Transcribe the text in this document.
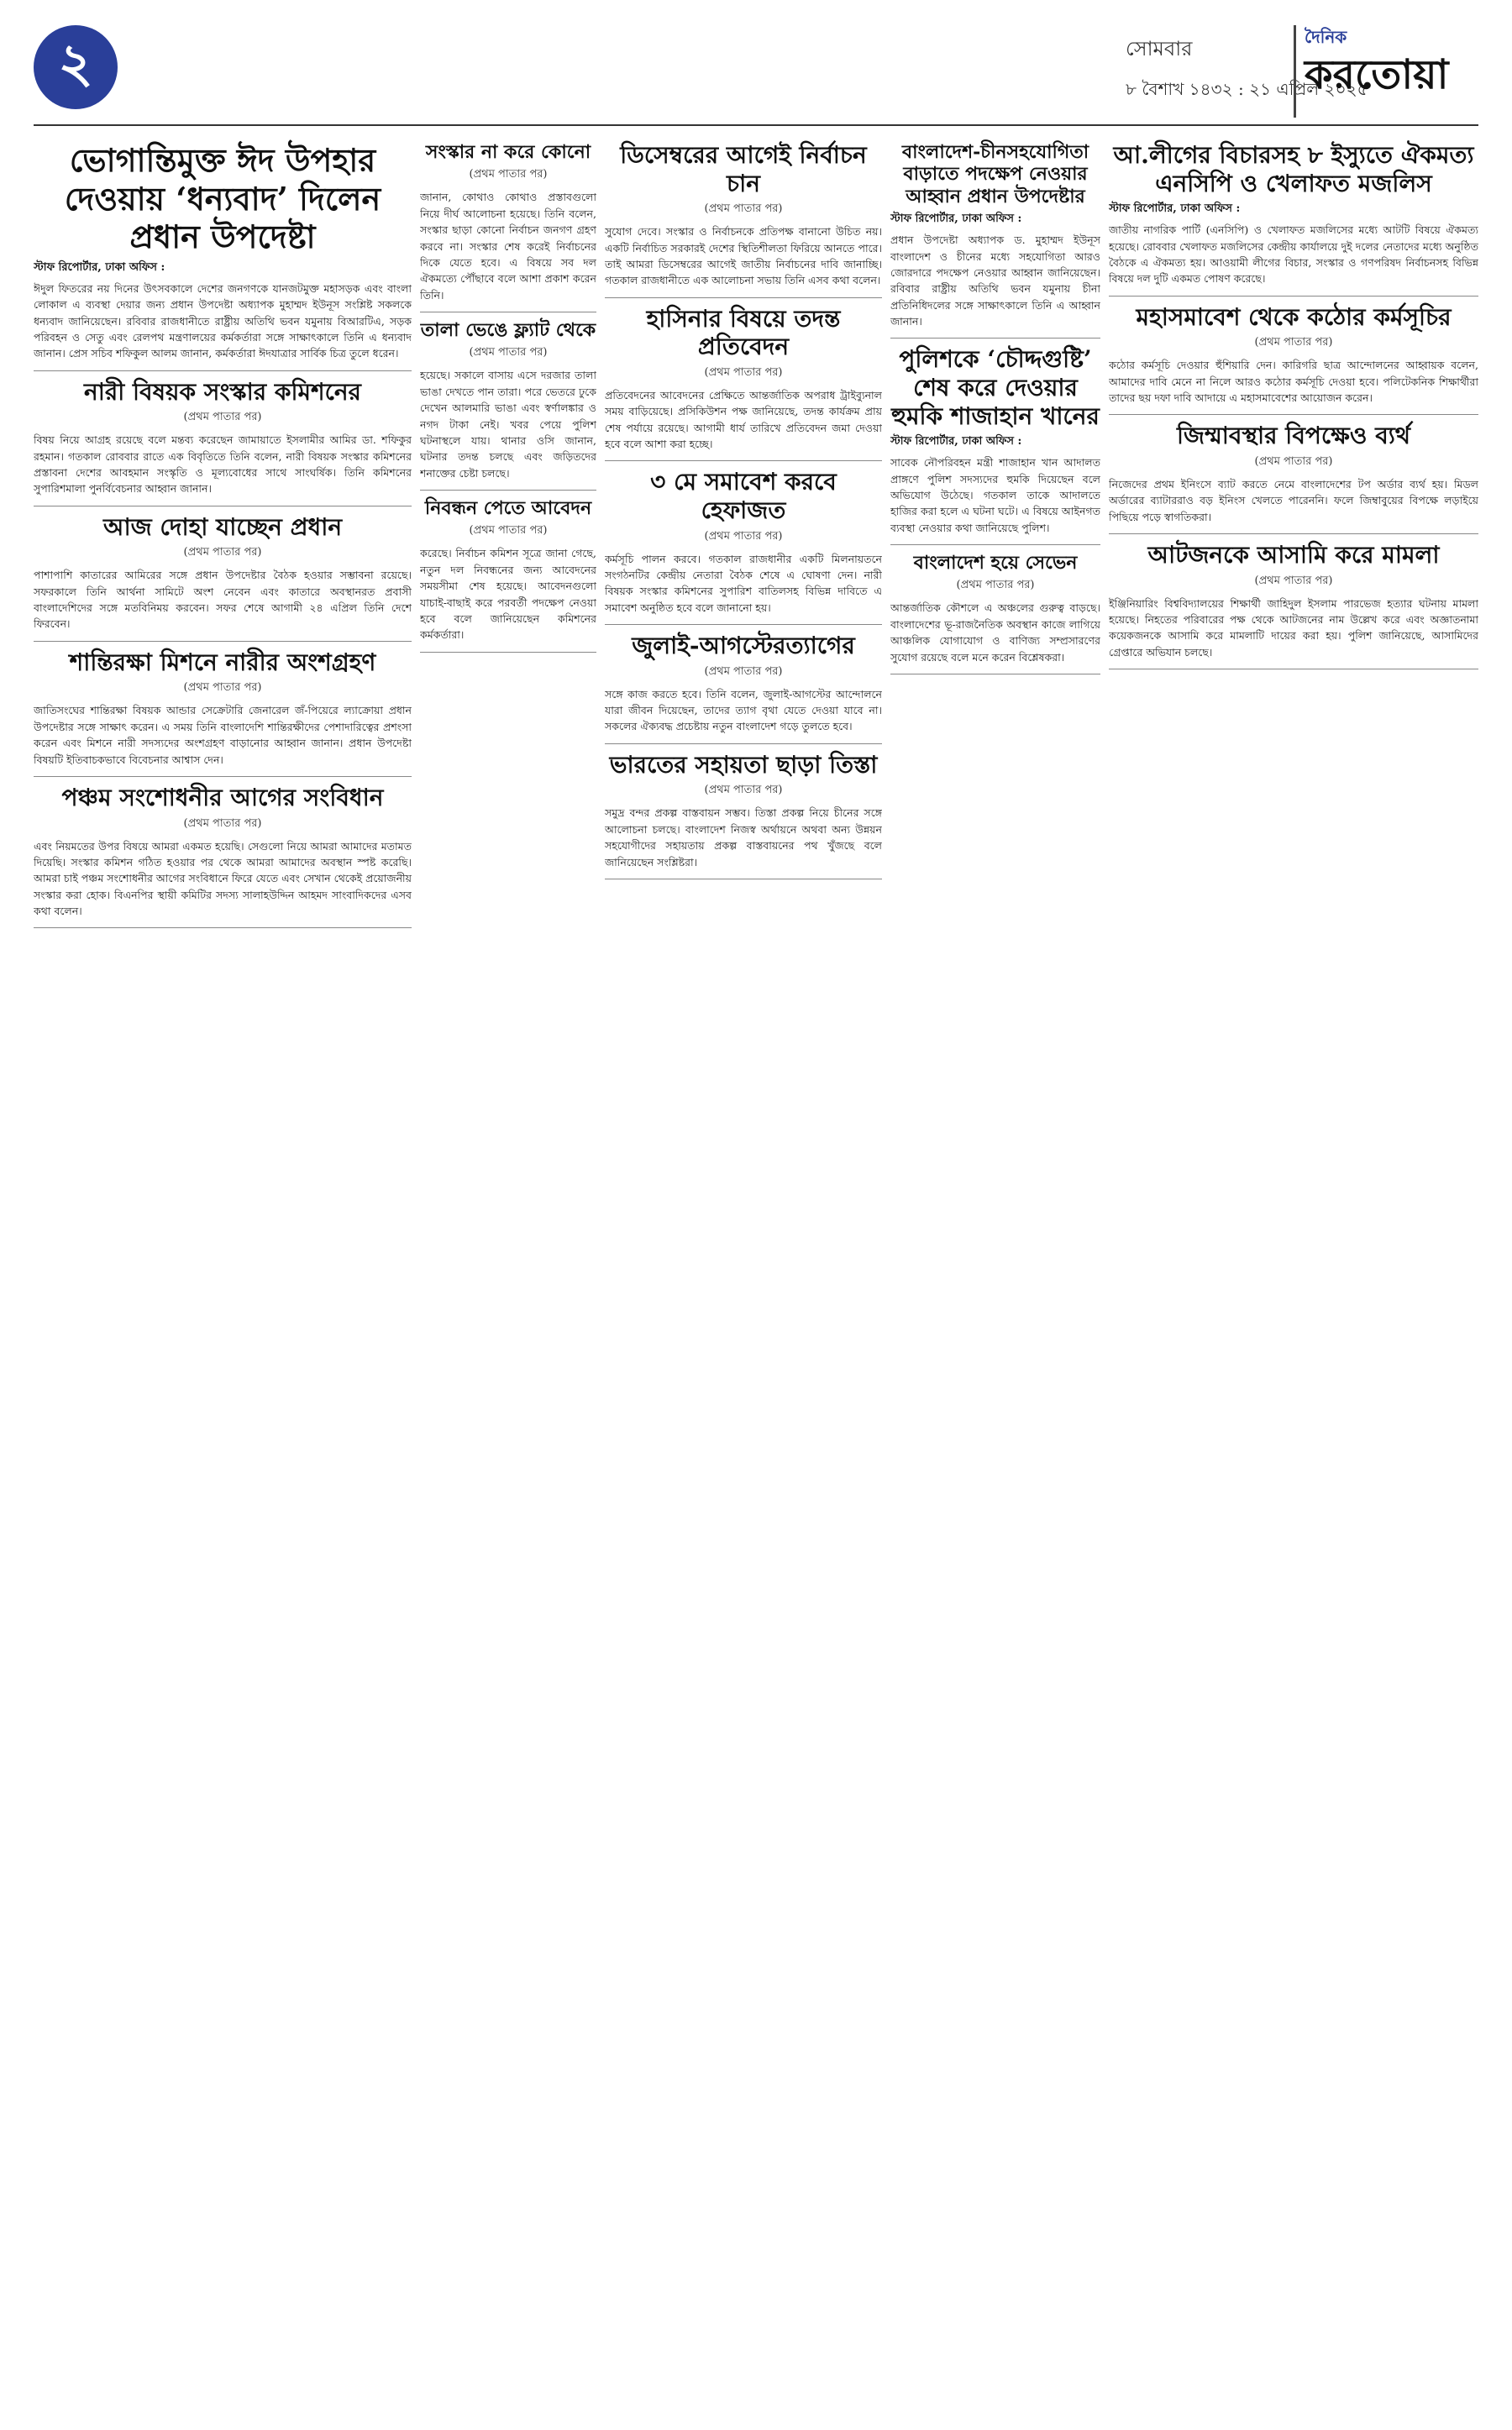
২	সোমবার
৮ বৈশাখ ১৪৩২ : ২১ এপ্রিল ২০২৫
দৈনিক
করতোয়া
ভোগান্তিমুক্ত ঈদ উপহার দেওয়ায় ‘ধন্যবাদ’ দিলেন প্রধান উপদেষ্টা
স্টাফ রিপোর্টার, ঢাকা অফিস :
ঈদুল ফিতরের নয় দিনের উৎসবকালে দেশের জনগণকে যানজটমুক্ত মহাসড়ক এবং বাংলা লোকাল এ ব্যবস্থা দেয়ার জন্য প্রধান উপদেষ্টা অধ্যাপক মুহাম্মদ ইউনূস সংশ্লিষ্ট সকলকে ধন্যবাদ জানিয়েছেন। রবিবার রাজধানীতে রাষ্ট্রীয় অতিথি ভবন যমুনায় বিআরটিএ, সড়ক পরিবহন ও সেতু এবং রেলপথ মন্ত্রণালয়ের কর্মকর্তারা সঙ্গে সাক্ষাৎকালে তিনি এ ধন্যবাদ জানান। প্রেস সচিব শফিকুল আলম জানান, কর্মকর্তারা ঈদযাত্রার সার্বিক চিত্র তুলে ধরেন।
নারী বিষয়ক সংস্কার কমিশনের
(প্রথম পাতার পর)
বিষয় নিয়ে আগ্রহ রয়েছে বলে মন্তব্য করেছেন জামায়াতে ইসলামীর আমির ডা. শফিকুর রহমান। গতকাল রোববার রাতে এক বিবৃতিতে তিনি বলেন, নারী বিষয়ক সংস্কার কমিশনের প্রস্তাবনা দেশের আবহমান সংস্কৃতি ও মূল্যবোধের সাথে সাংঘর্ষিক। তিনি কমিশনের সুপারিশমালা পুনর্বিবেচনার আহ্বান জানান।
আজ দোহা যাচ্ছেন প্রধান
(প্রথম পাতার পর)
পাশাপাশি কাতারের আমিরের সঙ্গে প্রধান উপদেষ্টার বৈঠক হওয়ার সম্ভাবনা রয়েছে। সফরকালে তিনি আর্থনা সামিটে অংশ নেবেন এবং কাতারে অবস্থানরত প্রবাসী বাংলাদেশিদের সঙ্গে মতবিনিময় করবেন। সফর শেষে আগামী ২৪ এপ্রিল তিনি দেশে ফিরবেন।
শান্তিরক্ষা মিশনে নারীর অংশগ্রহণ
(প্রথম পাতার পর)
জাতিসংঘের শান্তিরক্ষা বিষয়ক আন্ডার সেক্রেটারি জেনারেল জঁ-পিয়েরে ল্যাক্রোয়া প্রধান উপদেষ্টার সঙ্গে সাক্ষাৎ করেন। এ সময় তিনি বাংলাদেশি শান্তিরক্ষীদের পেশাদারিত্বের প্রশংসা করেন এবং মিশনে নারী সদস্যদের অংশগ্রহণ বাড়ানোর আহ্বান জানান। প্রধান উপদেষ্টা বিষয়টি ইতিবাচকভাবে বিবেচনার আশ্বাস দেন।
পঞ্চম সংশোধনীর আগের সংবিধান
(প্রথম পাতার পর)
এবং নিয়মতের উপর বিষয়ে আমরা একমত হয়েছি। সেগুলো নিয়ে আমরা আমাদের মতামত দিয়েছি। সংস্কার কমিশন গঠিত হওয়ার পর থেকে আমরা আমাদের অবস্থান স্পষ্ট করেছি। আমরা চাই পঞ্চম সংশোধনীর আগের সংবিধানে ফিরে যেতে এবং সেখান থেকেই প্রয়োজনীয় সংস্কার করা হোক। বিএনপির স্থায়ী কমিটির সদস্য সালাহউদ্দিন আহমদ সাংবাদিকদের এসব কথা বলেন।
সংস্কার না করে কোনো
(প্রথম পাতার পর)
জানান, কোথাও কোথাও প্রস্তাবগুলো নিয়ে দীর্ঘ আলোচনা হয়েছে। তিনি বলেন, সংস্কার ছাড়া কোনো নির্বাচন জনগণ গ্রহণ করবে না। সংস্কার শেষ করেই নির্বাচনের দিকে যেতে হবে। এ বিষয়ে সব দল ঐকমত্যে পৌঁছাবে বলে আশা প্রকাশ করেন তিনি।
তালা ভেঙে ফ্ল্যাট থেকে
(প্রথম পাতার পর)
হয়েছে। সকালে বাসায় এসে দরজার তালা ভাঙা দেখতে পান তারা। পরে ভেতরে ঢুকে দেখেন আলমারি ভাঙা এবং স্বর্ণালঙ্কার ও নগদ টাকা নেই। খবর পেয়ে পুলিশ ঘটনাস্থলে যায়। থানার ওসি জানান, ঘটনার তদন্ত চলছে এবং জড়িতদের শনাক্তের চেষ্টা চলছে।
নিবন্ধন পেতে আবেদন
(প্রথম পাতার পর)
করেছে। নির্বাচন কমিশন সূত্রে জানা গেছে, নতুন দল নিবন্ধনের জন্য আবেদনের সময়সীমা শেষ হয়েছে। আবেদনগুলো যাচাই-বাছাই করে পরবর্তী পদক্ষেপ নেওয়া হবে বলে জানিয়েছেন কমিশনের কর্মকর্তারা।
ডিসেম্বরের আগেই নির্বাচন চান
(প্রথম পাতার পর)
সুযোগ দেবে। সংস্কার ও নির্বাচনকে প্রতিপক্ষ বানানো উচিত নয়। একটি নির্বাচিত সরকারই দেশের স্থিতিশীলতা ফিরিয়ে আনতে পারে। তাই আমরা ডিসেম্বরের আগেই জাতীয় নির্বাচনের দাবি জানাচ্ছি। গতকাল রাজধানীতে এক আলোচনা সভায় তিনি এসব কথা বলেন।
হাসিনার বিষয়ে তদন্ত প্রতিবেদন
(প্রথম পাতার পর)
প্রতিবেদনের আবেদনের প্রেক্ষিতে আন্তর্জাতিক অপরাধ ট্রাইব্যুনাল সময় বাড়িয়েছে। প্রসিকিউশন পক্ষ জানিয়েছে, তদন্ত কার্যক্রম প্রায় শেষ পর্যায়ে রয়েছে। আগামী ধার্য তারিখে প্রতিবেদন জমা দেওয়া হবে বলে আশা করা হচ্ছে।
৩ মে সমাবেশ করবে হেফাজত
(প্রথম পাতার পর)
কর্মসূচি পালন করবে। গতকাল রাজধানীর একটি মিলনায়তনে সংগঠনটির কেন্দ্রীয় নেতারা বৈঠক শেষে এ ঘোষণা দেন। নারী বিষয়ক সংস্কার কমিশনের সুপারিশ বাতিলসহ বিভিন্ন দাবিতে এ সমাবেশ অনুষ্ঠিত হবে বলে জানানো হয়।
জুলাই-আগস্টেরত্যাগের
(প্রথম পাতার পর)
সঙ্গে কাজ করতে হবে। তিনি বলেন, জুলাই-আগস্টের আন্দোলনে যারা জীবন দিয়েছেন, তাদের ত্যাগ বৃথা যেতে দেওয়া যাবে না। সকলের ঐক্যবদ্ধ প্রচেষ্টায় নতুন বাংলাদেশ গড়ে তুলতে হবে।
ভারতের সহায়তা ছাড়া তিস্তা
(প্রথম পাতার পর)
সমুদ্র বন্দর প্রকল্প বাস্তবায়ন সম্ভব। তিস্তা প্রকল্প নিয়ে চীনের সঙ্গে আলোচনা চলছে। বাংলাদেশ নিজস্ব অর্থায়নে অথবা অন্য উন্নয়ন সহযোগীদের সহায়তায় প্রকল্প বাস্তবায়নের পথ খুঁজছে বলে জানিয়েছেন সংশ্লিষ্টরা।
বাংলাদেশ-চীনসহযোগিতা বাড়াতে পদক্ষেপ নেওয়ার আহ্বান প্রধান উপদেষ্টার
স্টাফ রিপোর্টার, ঢাকা অফিস :
প্রধান উপদেষ্টা অধ্যাপক ড. মুহাম্মদ ইউনূস বাংলাদেশ ও চীনের মধ্যে সহযোগিতা আরও জোরদারে পদক্ষেপ নেওয়ার আহ্বান জানিয়েছেন। রবিবার রাষ্ট্রীয় অতিথি ভবন যমুনায় চীনা প্রতিনিধিদলের সঙ্গে সাক্ষাৎকালে তিনি এ আহ্বান জানান।
পুলিশকে ‘চৌদ্দগুষ্টি’ শেষ করে দেওয়ার হুমকি শাজাহান খানের
স্টাফ রিপোর্টার, ঢাকা অফিস :
সাবেক নৌপরিবহন মন্ত্রী শাজাহান খান আদালত প্রাঙ্গণে পুলিশ সদস্যদের হুমকি দিয়েছেন বলে অভিযোগ উঠেছে। গতকাল তাকে আদালতে হাজির করা হলে এ ঘটনা ঘটে। এ বিষয়ে আইনগত ব্যবস্থা নেওয়ার কথা জানিয়েছে পুলিশ।
বাংলাদেশ হয়ে সেভেন
(প্রথম পাতার পর)
আন্তর্জাতিক কৌশলে এ অঞ্চলের গুরুত্ব বাড়ছে। বাংলাদেশের ভূ-রাজনৈতিক অবস্থান কাজে লাগিয়ে আঞ্চলিক যোগাযোগ ও বাণিজ্য সম্প্রসারণের সুযোগ রয়েছে বলে মনে করেন বিশ্লেষকরা।
আ.লীগের বিচারসহ ৮ ইস্যুতে ঐকমত্য এনসিপি ও খেলাফত মজলিস
স্টাফ রিপোর্টার, ঢাকা অফিস :
জাতীয় নাগরিক পার্টি (এনসিপি) ও খেলাফত মজলিসের মধ্যে আটটি বিষয়ে ঐকমত্য হয়েছে। রোববার খেলাফত মজলিসের কেন্দ্রীয় কার্যালয়ে দুই দলের নেতাদের মধ্যে অনুষ্ঠিত বৈঠকে এ ঐকমত্য হয়। আওয়ামী লীগের বিচার, সংস্কার ও গণপরিষদ নির্বাচনসহ বিভিন্ন বিষয়ে দল দুটি একমত পোষণ করেছে।
মহাসমাবেশ থেকে কঠোর কর্মসূচির
(প্রথম পাতার পর)
কঠোর কর্মসূচি দেওয়ার হুঁশিয়ারি দেন। কারিগরি ছাত্র আন্দোলনের আহ্বায়ক বলেন, আমাদের দাবি মেনে না নিলে আরও কঠোর কর্মসূচি দেওয়া হবে। পলিটেকনিক শিক্ষার্থীরা তাদের ছয় দফা দাবি আদায়ে এ মহাসমাবেশের আয়োজন করেন।
জিম্মাবস্থার বিপক্ষেও ব্যর্থ
(প্রথম পাতার পর)
নিজেদের প্রথম ইনিংসে ব্যাট করতে নেমে বাংলাদেশের টপ অর্ডার ব্যর্থ হয়। মিডল অর্ডারের ব্যাটাররাও বড় ইনিংস খেলতে পারেননি। ফলে জিম্বাবুয়ের বিপক্ষে লড়াইয়ে পিছিয়ে পড়ে স্বাগতিকরা।
আটজনকে আসামি করে মামলা
(প্রথম পাতার পর)
ইঞ্জিনিয়ারিং বিশ্ববিদ্যালয়ের শিক্ষার্থী জাহিদুল ইসলাম পারভেজ হত্যার ঘটনায় মামলা হয়েছে। নিহতের পরিবারের পক্ষ থেকে আটজনের নাম উল্লেখ করে এবং অজ্ঞাতনামা কয়েকজনকে আসামি করে মামলাটি দায়ের করা হয়। পুলিশ জানিয়েছে, আসামিদের গ্রেপ্তারে অভিযান চলছে।
